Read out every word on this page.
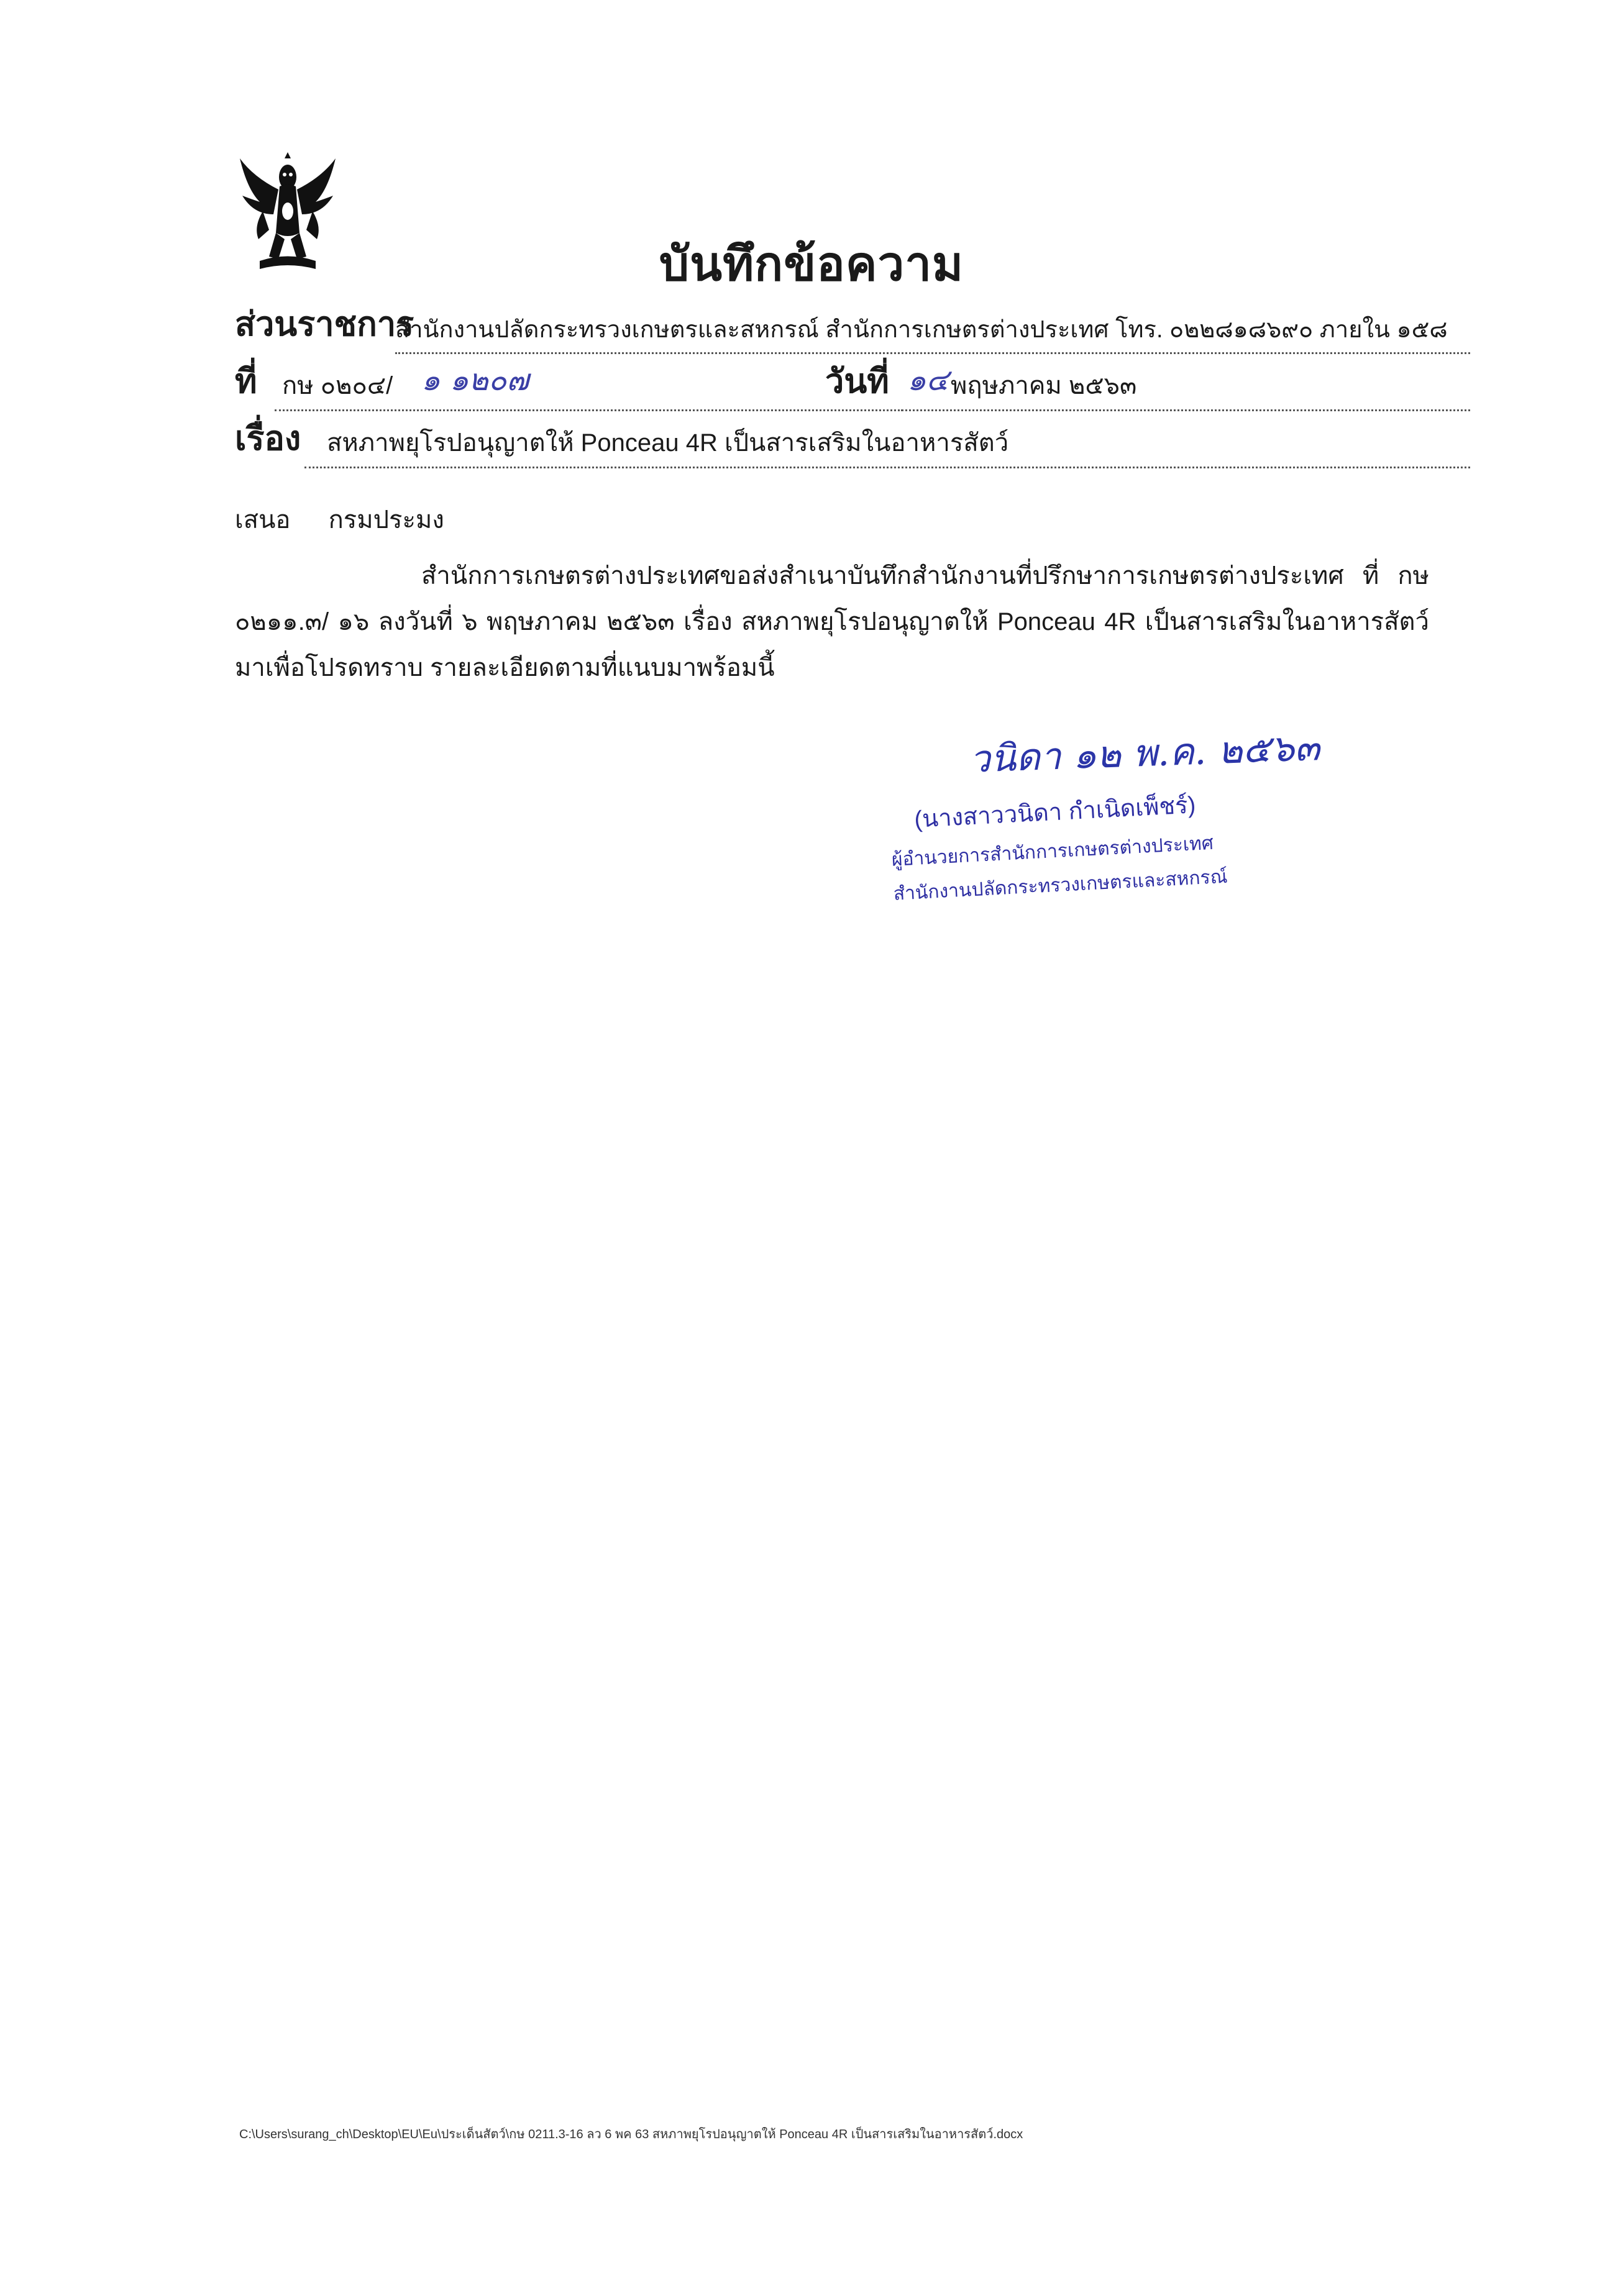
บันทึกข้อความ
ส่วนราชการ
สำนักงานปลัดกระทรวงเกษตรและสหกรณ์ สำนักการเกษตรต่างประเทศ โทร. ๐๒๒๘๑๘๖๙๐ ภายใน ๑๕๘
ที่ กษ ๐๒๐๔/ ๑ ๑๒๐๗	วันที่ ๑๔ พฤษภาคม ๒๕๖๓
เรื่อง สหภาพยุโรปอนุญาตให้ Ponceau 4R เป็นสารเสริมในอาหารสัตว์
เสนอ กรมประมง
สำนักการเกษตรต่างประเทศขอส่งสำเนาบันทึกสำนักงานที่ปรึกษาการเกษตรต่างประเทศ ที่ กษ ๐๒๑๑.๓/ ๑๖ ลงวันที่ ๖ พฤษภาคม ๒๕๖๓ เรื่อง สหภาพยุโรปอนุญาตให้ Ponceau 4R เป็นสารเสริมในอาหารสัตว์ มาเพื่อโปรดทราบ รายละเอียดตามที่แนบมาพร้อมนี้
วนิดา ๑๒ พ.ค. ๒๕๖๓
(นางสาววนิดา กำเนิดเพ็ชร์)
ผู้อำนวยการสำนักการเกษตรต่างประเทศ
สำนักงานปลัดกระทรวงเกษตรและสหกรณ์
C:\Users\surang_ch\Desktop\EU\Eu\ประเด็นสัตว์\กษ 0211.3-16 ลว 6 พค 63 สหภาพยุโรปอนุญาตให้ Ponceau 4R เป็นสารเสริมในอาหารสัตว์.docx
